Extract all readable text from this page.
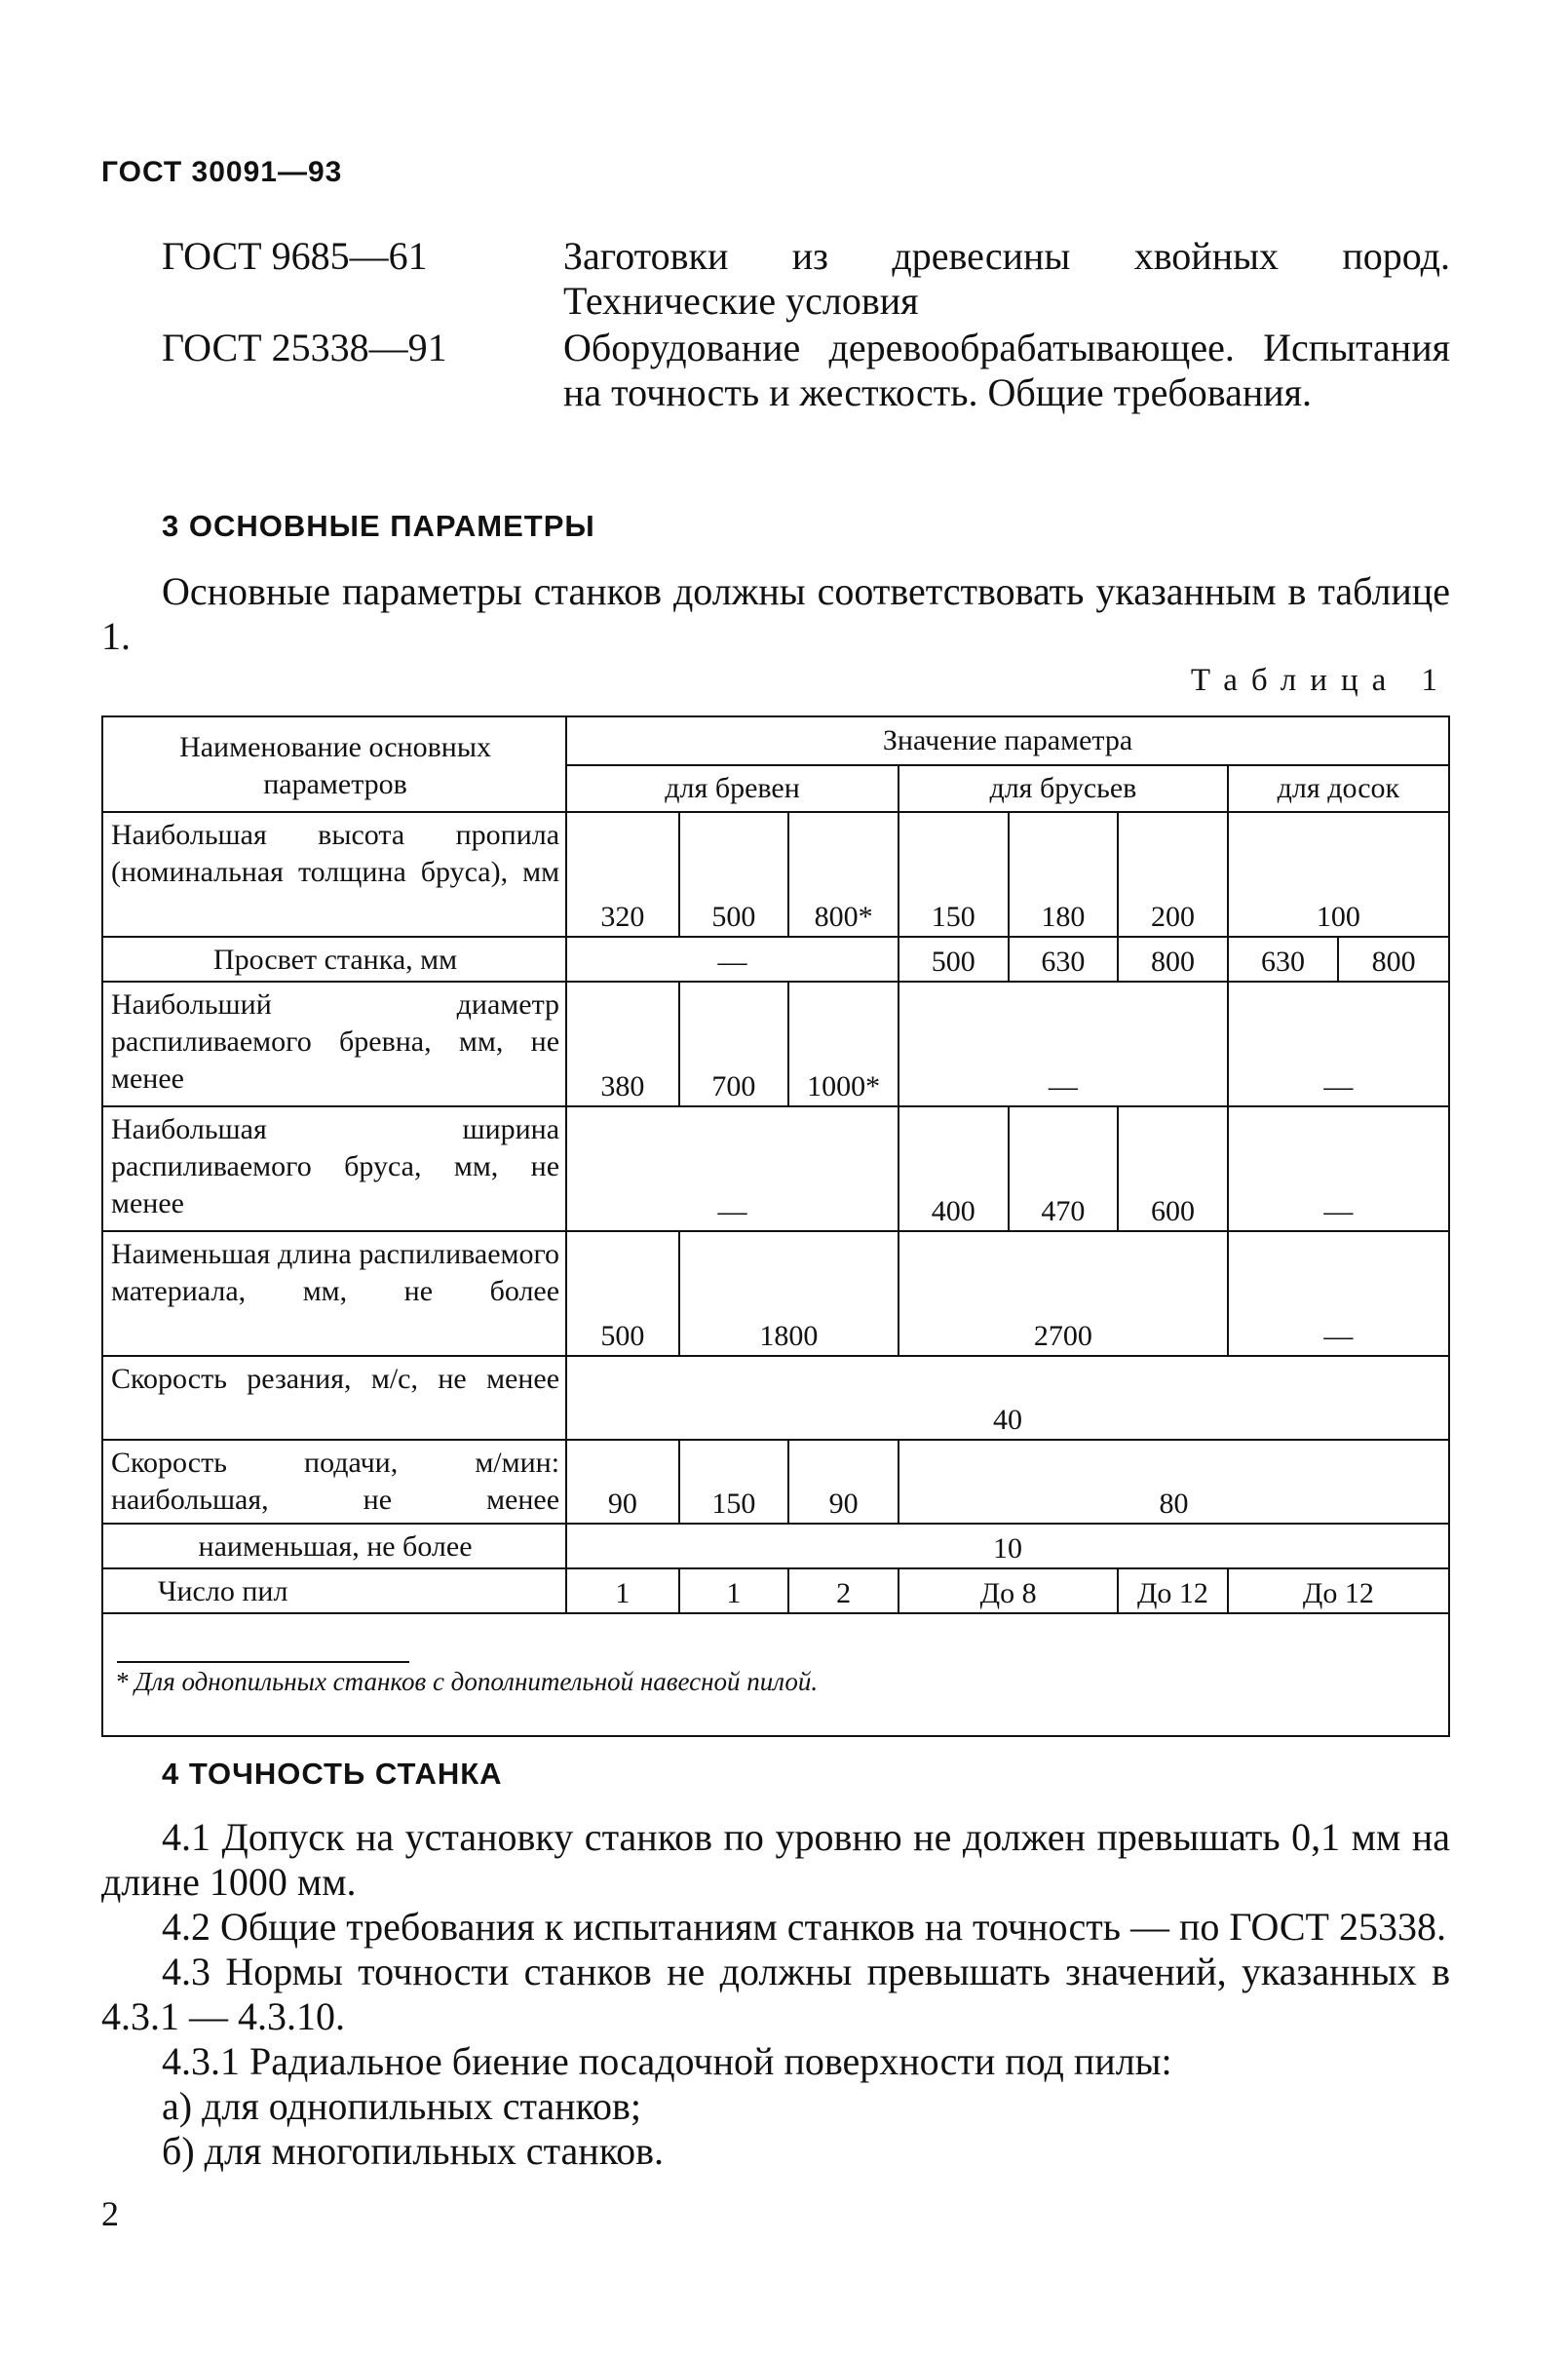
ГОСТ 30091—93
ГОСТ 9685—61	Заготовки из древесины хвойных пород. Технические условия
ГОСТ 25338—91	Оборудование деревообрабатывающее. Испытания на точность и жесткость. Общие требования.
3 ОСНОВНЫЕ ПАРАМЕТРЫ

Основные параметры станков должны соответствовать указанным в таблице 1.

Таблица 1
Наименование основных параметров	Значение параметра							
	для бревен			для брусьев			для досок	
Наибольшая высота пропила (номинальная толщина бруса), мм	320	500	800*	150	180	200	100	
Просвет станка, мм	—			500	630	800	630	800
Наибольший диаметр распиливаемого бревна, мм, не менее	380	700	1000*	—			—	
Наибольшая ширина распиливаемого бруса, мм, не менее	—			400	470	600	—	
Наименьшая длина распиливаемого материала, мм, не более	500	1800		2700			—	
Скорость резания, м/с, не менее	40							
Скорость подачи, м/мин: наибольшая, не менее	90	150	90	80				
наименьшая, не более	10							
Число пил	1	1	2	До 8		До 12	До 12	

* Для однопильных станков с дополнительной навесной пилой.								
4 ТОЧНОСТЬ СТАНКА

4.1 Допуск на установку станков по уровню не должен превышать 0,1 мм на длине 1000 мм.

4.2 Общие требования к испытаниям станков на точность — по ГОСТ 25338.

4.3 Нормы точности станков не должны превышать значений, указанных в 4.3.1 — 4.3.10.

4.3.1 Радиальное биение посадочной поверхности под пилы:

а) для однопильных станков;

б) для многопильных станков.

2
